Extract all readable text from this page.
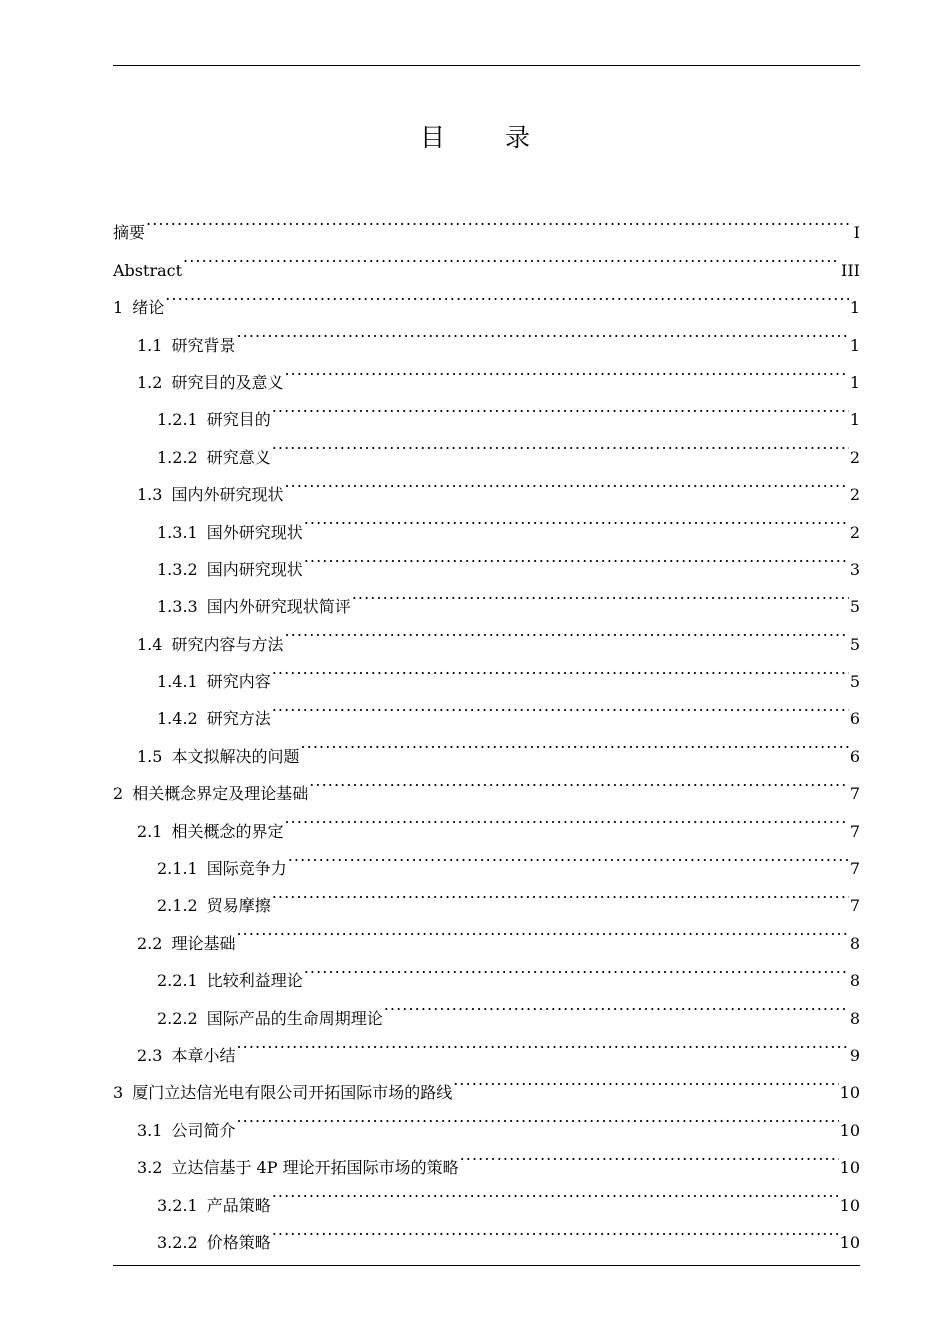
目 录
摘要 .....	I
Abstract .....	III
1 绪论 .....	1
1.1 研究背景 .....	1
1.2 研究目的及意义 .....	1
1.2.1 研究目的 .....	1
1.2.2 研究意义 .....	2
1.3 国内外研究现状 .....	2
1.3.1 国外研究现状 .....	2
1.3.2 国内研究现状 .....	3
1.3.3 国内外研究现状简评 .....	5
1.4 研究内容与方法 .....	5
1.4.1 研究内容 .....	5
1.4.2 研究方法 .....	6
1.5 本文拟解决的问题 .....	6
2 相关概念界定及理论基础 .....	7
2.1 相关概念的界定 .....	7
2.1.1 国际竞争力 .....	7
2.1.2 贸易摩擦 .....	7
2.2 理论基础 .....	8
2.2.1 比较利益理论 .....	8
2.2.2 国际产品的生命周期理论 .....	8
2.3 本章小结 .....	9
3 厦门立达信光电有限公司开拓国际市场的路线 .....	10
3.1 公司简介 .....	10
3.2 立达信基于 4P 理论开拓国际市场的策略 .....	10
3.2.1 产品策略 .....	10
3.2.2 价格策略 .....	10
